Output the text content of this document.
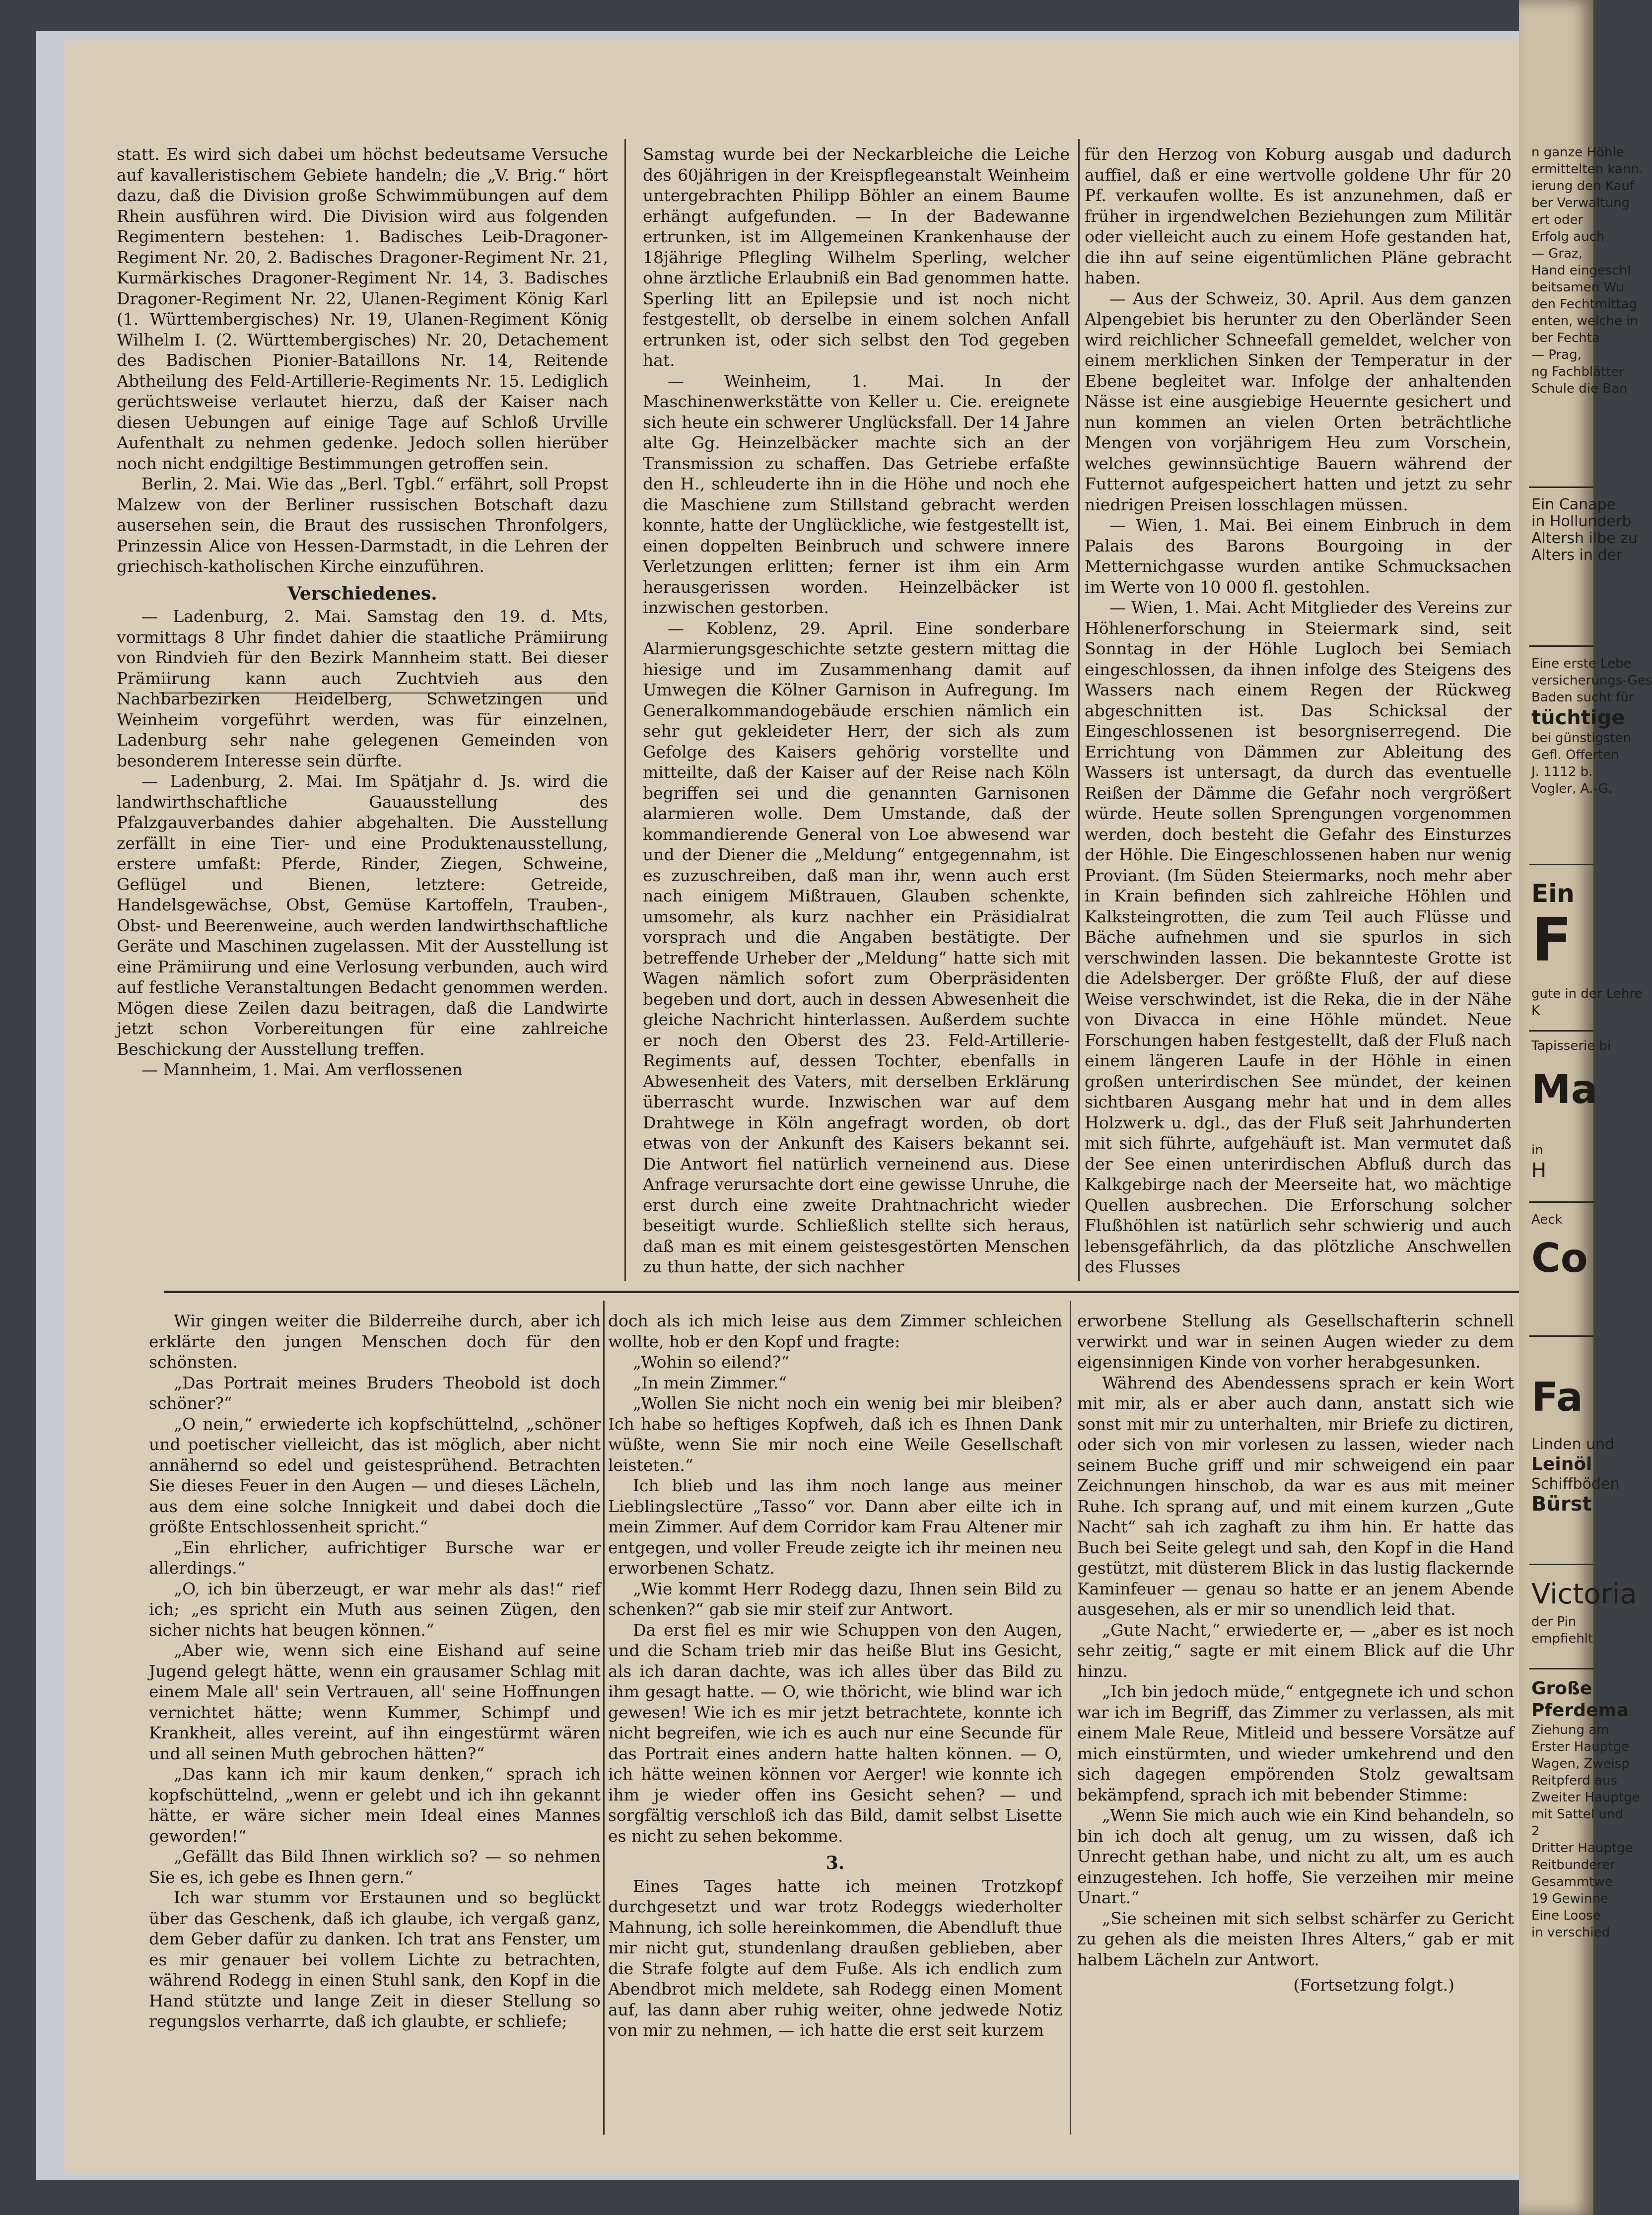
statt. Es wird sich dabei um höchst bedeutsame Versuche auf kavalleristischem Gebiete handeln; die „V. Brig.“ hört dazu, daß die Division große Schwimmübungen auf dem Rhein ausführen wird. Die Division wird aus folgenden Regimentern bestehen: 1. Badisches Leib-Dragoner-Regiment Nr. 20, 2. Badisches Dragoner-Regiment Nr. 21, Kurmärkisches Dragoner-Regiment Nr. 14, 3. Badisches Dragoner-Regiment Nr. 22, Ulanen-Regiment König Karl (1. Württembergisches) Nr. 19, Ulanen-Regiment König Wilhelm I. (2. Württembergisches) Nr. 20, Detachement des Badischen Pionier-Bataillons Nr. 14, Reitende Abtheilung des Feld-Artillerie-Regiments Nr. 15. Lediglich gerüchtsweise verlautet hierzu, daß der Kaiser nach diesen Uebungen auf einige Tage auf Schloß Urville Aufenthalt zu nehmen gedenke. Jedoch sollen hierüber noch nicht endgiltige Bestimmungen getroffen sein.

Berlin, 2. Mai. Wie das „Berl. Tgbl.“ erfährt, soll Propst Malzew von der Berliner russischen Botschaft dazu ausersehen sein, die Braut des russischen Thronfolgers, Prinzessin Alice von Hessen-Darmstadt, in die Lehren der griechisch-katholischen Kirche einzuführen.

Verschiedenes.

— Ladenburg, 2. Mai. Samstag den 19. d. Mts, vormittags 8 Uhr findet dahier die staatliche Prämiirung von Rindvieh für den Bezirk Mannheim statt. Bei dieser Prämiirung kann auch Zuchtvieh aus den Nachbarbezirken Heidelberg, Schwetzingen und Weinheim vorgeführt werden, was für einzelnen, Ladenburg sehr nahe gelegenen Gemeinden von besonderem Interesse sein dürfte.

— Ladenburg, 2. Mai. Im Spätjahr d. Js. wird die landwirthschaftliche Gauausstellung des Pfalzgauverbandes dahier abgehalten. Die Ausstellung zerfällt in eine Tier- und eine Produktenausstellung, erstere umfaßt: Pferde, Rinder, Ziegen, Schweine, Geflügel und Bienen, letztere: Getreide, Handelsgewächse, Obst, Gemüse Kartoffeln, Trauben-, Obst- und Beerenweine, auch werden landwirthschaftliche Geräte und Maschinen zugelassen. Mit der Ausstellung ist eine Prämiirung und eine Verlosung verbunden, auch wird auf festliche Veranstaltungen Bedacht genommen werden. Mögen diese Zeilen dazu beitragen, daß die Landwirte jetzt schon Vorbereitungen für eine zahlreiche Beschickung der Ausstellung treffen.

— Mannheim, 1. Mai. Am verflossenen

Samstag wurde bei der Neckarbleiche die Leiche des 60jährigen in der Kreispflegeanstalt Weinheim untergebrachten Philipp Böhler an einem Baume erhängt aufgefunden. — In der Badewanne ertrunken, ist im Allgemeinen Krankenhause der 18jährige Pflegling Wilhelm Sperling, welcher ohne ärztliche Erlaubniß ein Bad genommen hatte. Sperling litt an Epilepsie und ist noch nicht festgestellt, ob derselbe in einem solchen Anfall ertrunken ist, oder sich selbst den Tod gegeben hat.

— Weinheim, 1. Mai. In der Maschinenwerkstätte von Keller u. Cie. ereignete sich heute ein schwerer Unglücksfall. Der 14 Jahre alte Gg. Heinzelbäcker machte sich an der Transmission zu schaffen. Das Getriebe erfaßte den H., schleuderte ihn in die Höhe und noch ehe die Maschiene zum Stillstand gebracht werden konnte, hatte der Unglückliche, wie festgestellt ist, einen doppelten Beinbruch und schwere innere Verletzungen erlitten; ferner ist ihm ein Arm herausgerissen worden. Heinzelbäcker ist inzwischen gestorben.

— Koblenz, 29. April. Eine sonderbare Alarmierungsgeschichte setzte gestern mittag die hiesige und im Zusammenhang damit auf Umwegen die Kölner Garnison in Aufregung. Im Generalkommandogebäude erschien nämlich ein sehr gut gekleideter Herr, der sich als zum Gefolge des Kaisers gehörig vorstellte und mitteilte, daß der Kaiser auf der Reise nach Köln begriffen sei und die genannten Garnisonen alarmieren wolle. Dem Umstande, daß der kommandierende General von Loe abwesend war und der Diener die „Meldung“ entgegennahm, ist es zuzuschreiben, daß man ihr, wenn auch erst nach einigem Mißtrauen, Glauben schenkte, umsomehr, als kurz nachher ein Präsidialrat vorsprach und die Angaben bestätigte. Der betreffende Urheber der „Meldung“ hatte sich mit Wagen nämlich sofort zum Oberpräsidenten begeben und dort, auch in dessen Abwesenheit die gleiche Nachricht hinterlassen. Außerdem suchte er noch den Oberst des 23. Feld-Artillerie-Regiments auf, dessen Tochter, ebenfalls in Abwesenheit des Vaters, mit derselben Erklärung überrascht wurde. Inzwischen war auf dem Drahtwege in Köln angefragt worden, ob dort etwas von der Ankunft des Kaisers bekannt sei. Die Antwort fiel natürlich verneinend aus. Diese Anfrage verursachte dort eine gewisse Unruhe, die erst durch eine zweite Drahtnachricht wieder beseitigt wurde. Schließlich stellte sich heraus, daß man es mit einem geistesgestörten Menschen zu thun hatte, der sich nachher

für den Herzog von Koburg ausgab und dadurch auffiel, daß er eine wertvolle goldene Uhr für 20 Pf. verkaufen wollte. Es ist anzunehmen, daß er früher in irgendwelchen Beziehungen zum Militär oder vielleicht auch zu einem Hofe gestanden hat, die ihn auf seine eigentümlichen Pläne gebracht haben.

— Aus der Schweiz, 30. April. Aus dem ganzen Alpengebiet bis herunter zu den Oberländer Seen wird reichlicher Schneefall gemeldet, welcher von einem merklichen Sinken der Temperatur in der Ebene begleitet war. Infolge der anhaltenden Nässe ist eine ausgiebige Heuernte gesichert und nun kommen an vielen Orten beträchtliche Mengen von vorjährigem Heu zum Vorschein, welches gewinnsüchtige Bauern während der Futternot aufgespeichert hatten und jetzt zu sehr niedrigen Preisen losschlagen müssen.

— Wien, 1. Mai. Bei einem Einbruch in dem Palais des Barons Bourgoing in der Metternichgasse wurden antike Schmucksachen im Werte von 10 000 fl. gestohlen.

— Wien, 1. Mai. Acht Mitglieder des Vereins zur Höhlenerforschung in Steiermark sind, seit Sonntag in der Höhle Lugloch bei Semiach eingeschlossen, da ihnen infolge des Steigens des Wassers nach einem Regen der Rückweg abgeschnitten ist. Das Schicksal der Eingeschlossenen ist besorgniserregend. Die Errichtung von Dämmen zur Ableitung des Wassers ist untersagt, da durch das eventuelle Reißen der Dämme die Gefahr noch vergrößert würde. Heute sollen Sprengungen vorgenommen werden, doch besteht die Gefahr des Einsturzes der Höhle. Die Eingeschlossenen haben nur wenig Proviant. (Im Süden Steiermarks, noch mehr aber in Krain befinden sich zahlreiche Höhlen und Kalksteingrotten, die zum Teil auch Flüsse und Bäche aufnehmen und sie spurlos in sich verschwinden lassen. Die bekannteste Grotte ist die Adelsberger. Der größte Fluß, der auf diese Weise verschwindet, ist die Reka, die in der Nähe von Divacca in eine Höhle mündet. Neue Forschungen haben festgestellt, daß der Fluß nach einem längeren Laufe in der Höhle in einen großen unterirdischen See mündet, der keinen sichtbaren Ausgang mehr hat und in dem alles Holzwerk u. dgl., das der Fluß seit Jahrhunderten mit sich führte, aufgehäuft ist. Man vermutet daß der See einen unterirdischen Abfluß durch das Kalkgebirge nach der Meerseite hat, wo mächtige Quellen ausbrechen. Die Erforschung solcher Flußhöhlen ist natürlich sehr schwierig und auch lebensgefährlich, da das plötzliche Anschwellen des Flusses

Wir gingen weiter die Bilderreihe durch, aber ich erklärte den jungen Menschen doch für den schönsten.

„Das Portrait meines Bruders Theobold ist doch schöner?“

„O nein,“ erwiederte ich kopfschüttelnd, „schöner und poetischer vielleicht, das ist möglich, aber nicht annähernd so edel und geistesprühend. Betrachten Sie dieses Feuer in den Augen — und dieses Lächeln, aus dem eine solche Innigkeit und dabei doch die größte Entschlossenheit spricht.“

„Ein ehrlicher, aufrichtiger Bursche war er allerdings.“

„O, ich bin überzeugt, er war mehr als das!“ rief ich; „es spricht ein Muth aus seinen Zügen, den sicher nichts hat beugen können.“

„Aber wie, wenn sich eine Eishand auf seine Jugend gelegt hätte, wenn ein grausamer Schlag mit einem Male all' sein Vertrauen, all' seine Hoffnungen vernichtet hätte; wenn Kummer, Schimpf und Krankheit, alles vereint, auf ihn eingestürmt wären und all seinen Muth gebrochen hätten?“

„Das kann ich mir kaum denken,“ sprach ich kopfschüttelnd, „wenn er gelebt und ich ihn gekannt hätte, er wäre sicher mein Ideal eines Mannes geworden!“

„Gefällt das Bild Ihnen wirklich so? — so nehmen Sie es, ich gebe es Ihnen gern.“

Ich war stumm vor Erstaunen und so beglückt über das Geschenk, daß ich glaube, ich vergaß ganz, dem Geber dafür zu danken. Ich trat ans Fenster, um es mir genauer bei vollem Lichte zu betrachten, während Rodegg in einen Stuhl sank, den Kopf in die Hand stützte und lange Zeit in dieser Stellung so regungslos verharrte, daß ich glaubte, er schliefe;

doch als ich mich leise aus dem Zimmer schleichen wollte, hob er den Kopf und fragte:

„Wohin so eilend?“

„In mein Zimmer.“

„Wollen Sie nicht noch ein wenig bei mir bleiben? Ich habe so heftiges Kopfweh, daß ich es Ihnen Dank wüßte, wenn Sie mir noch eine Weile Gesellschaft leisteten.“

Ich blieb und las ihm noch lange aus meiner Lieblingslectüre „Tasso“ vor. Dann aber eilte ich in mein Zimmer. Auf dem Corridor kam Frau Altener mir entgegen, und voller Freude zeigte ich ihr meinen neu erworbenen Schatz.

„Wie kommt Herr Rodegg dazu, Ihnen sein Bild zu schenken?“ gab sie mir steif zur Antwort.

Da erst fiel es mir wie Schuppen von den Augen, und die Scham trieb mir das heiße Blut ins Gesicht, als ich daran dachte, was ich alles über das Bild zu ihm gesagt hatte. — O, wie thöricht, wie blind war ich gewesen! Wie ich es mir jetzt betrachtete, konnte ich nicht begreifen, wie ich es auch nur eine Secunde für das Portrait eines andern hatte halten können. — O, ich hätte weinen können vor Aerger! wie konnte ich ihm je wieder offen ins Gesicht sehen? — und sorgfältig verschloß ich das Bild, damit selbst Lisette es nicht zu sehen bekomme.

3.

Eines Tages hatte ich meinen Trotzkopf durchgesetzt und war trotz Rodeggs wiederholter Mahnung, ich solle hereinkommen, die Abendluft thue mir nicht gut, stundenlang draußen geblieben, aber die Strafe folgte auf dem Fuße. Als ich endlich zum Abendbrot mich meldete, sah Rodegg einen Moment auf, las dann aber ruhig weiter, ohne jedwede Notiz von mir zu nehmen, — ich hatte die erst seit kurzem

erworbene Stellung als Gesellschafterin schnell verwirkt und war in seinen Augen wieder zu dem eigensinnigen Kinde von vorher herabgesunken.

Während des Abendessens sprach er kein Wort mit mir, als er aber auch dann, anstatt sich wie sonst mit mir zu unterhalten, mir Briefe zu dictiren, oder sich von mir vorlesen zu lassen, wieder nach seinem Buche griff und mir schweigend ein paar Zeichnungen hinschob, da war es aus mit meiner Ruhe. Ich sprang auf, und mit einem kurzen „Gute Nacht“ sah ich zaghaft zu ihm hin. Er hatte das Buch bei Seite gelegt und sah, den Kopf in die Hand gestützt, mit düsterem Blick in das lustig flackernde Kaminfeuer — genau so hatte er an jenem Abende ausgesehen, als er mir so unendlich leid that.

„Gute Nacht,“ erwiederte er, — „aber es ist noch sehr zeitig,“ sagte er mit einem Blick auf die Uhr hinzu.

„Ich bin jedoch müde,“ entgegnete ich und schon war ich im Begriff, das Zimmer zu verlassen, als mit einem Male Reue, Mitleid und bessere Vorsätze auf mich einstürmten, und wieder umkehrend und den sich dagegen empörenden Stolz gewaltsam bekämpfend, sprach ich mit bebender Stimme:

„Wenn Sie mich auch wie ein Kind behandeln, so bin ich doch alt genug, um zu wissen, daß ich Unrecht gethan habe, und nicht zu alt, um es auch einzugestehen. Ich hoffe, Sie verzeihen mir meine Unart.“

„Sie scheinen mit sich selbst schärfer zu Gericht zu gehen als die meisten Ihres Alters,“ gab er mit halbem Lächeln zur Antwort.

(Fortsetzung folgt.)

n ganze Höhle
ermittelten kann.
ierung den Kauf
ber Verwaltung
ert oder
Erfolg auch
— Graz,
Hand eingeschl
beitsamen Wu
den Fechtmittag
enten, welche in
ber Fechta
— Prag,
ng Fachblätter
Schule die Ban
Ein Canape
in Hollunderb
Altersh ilbe zu
Alters in der
Eine erste Lebe
versicherungs-Ges
Baden sucht für
tüchtige
bei günstigsten
Gefl. Offerten
J. 1112 b.
Vogler, A.-G.
Ein
F
gute in der Lehre
K
Tapisserie bi
Ma
in
H
Aeck
Co
Fa
Linden und
Leinöl
Schiffböden
Bürst
Victoria
der Pin
empfiehlt
Große
Pferdema
Ziehung am
Erster Hauptge
Wagen, Zweisp
Reitpferd aus
Zweiter Hauptge
mit Sattel und
2
Dritter Hauptge
Reitbunderer
Gesammtwe
19 Gewinne
Eine Loose
in verschied
